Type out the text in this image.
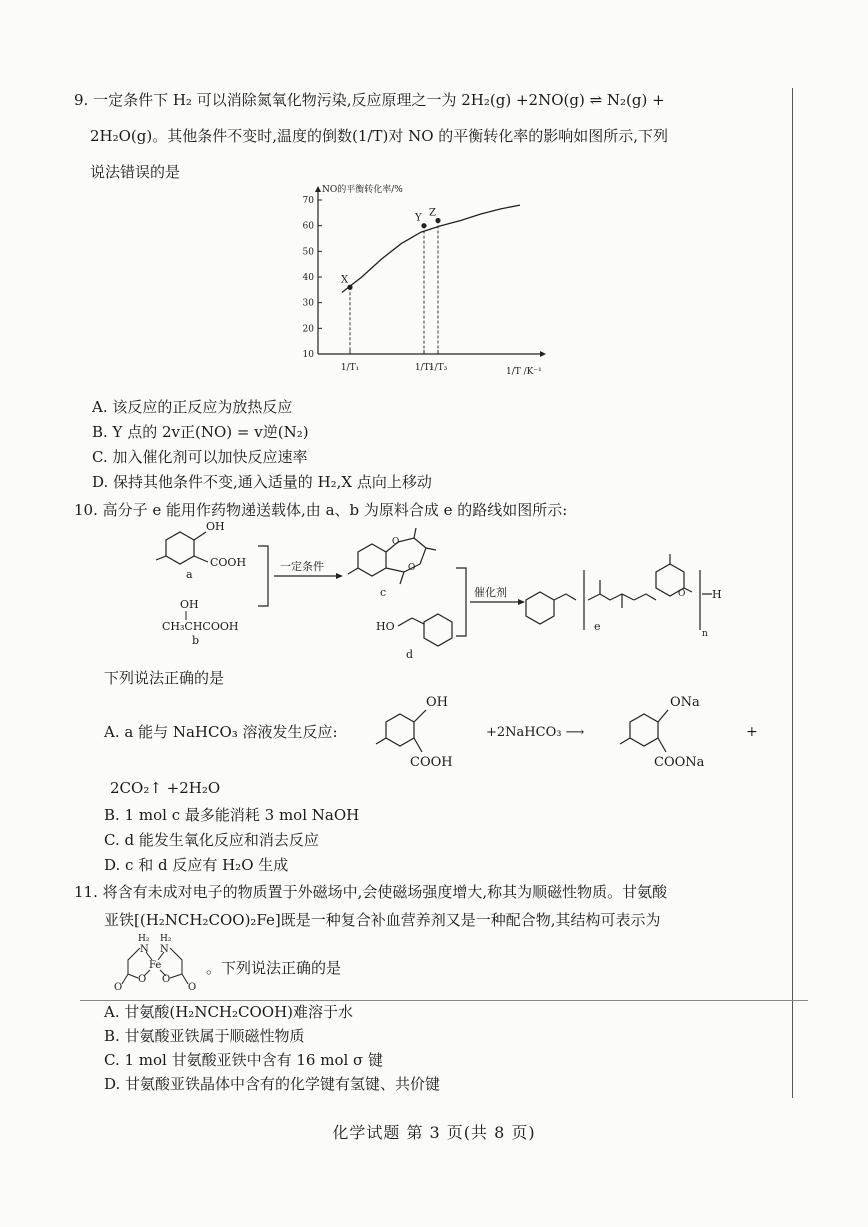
9. 一定条件下 H₂ 可以消除氮氧化物污染,反应原理之一为 2H₂(g) +2NO(g) ⇌ N₂(g) +
2H₂O(g)。其他条件不变时,温度的倒数(1/T)对 NO 的平衡转化率的影响如图所示,下列
说法错误的是
NO的平衡转化率/%
1/T /K⁻¹
10
20
30
40
50
60
70
1/T₁	1/T₂
1/T₃
X
Y Z
A. 该反应的正反应为放热反应
B. Y 点的 2v正(NO) = v逆(N₂)
C. 加入催化剂可以加快反应速率
D. 保持其他条件不变,通入适量的 H₂,X 点向上移动
10. 高分子 e 能用作药物递送载体,由 a、b 为原料合成 e 的路线如图所示:
OH
COOH
a
OH
CH₃CHCOOH
b
一定条件
O
O
c
HO
d
催化剂	O H
n
e
下列说法正确的是
A. a 能与 NaHCO₃ 溶液发生反应:
OH
COOH
+2NaHCO₃ ⟶
ONa
COONa
+
2CO₂↑ +2H₂O
B. 1 mol c 最多能消耗 3 mol NaOH
C. d 能发生氧化反应和消去反应
D. c 和 d 反应有 H₂O 生成
11. 将含有未成对电子的物质置于外磁场中,会使磁场强度增大,称其为顺磁性物质。甘氨酸
亚铁[(H₂NCH₂COO)₂Fe]既是一种复合补血营养剂又是一种配合物,其结构可表示为
H₂ H₂
N N
Fe
O O
O	O
。下列说法正确的是
A. 甘氨酸(H₂NCH₂COOH)难溶于水
B. 甘氨酸亚铁属于顺磁性物质
C. 1 mol 甘氨酸亚铁中含有 16 mol σ 键
D. 甘氨酸亚铁晶体中含有的化学键有氢键、共价键
化学试题 第 3 页(共 8 页)
